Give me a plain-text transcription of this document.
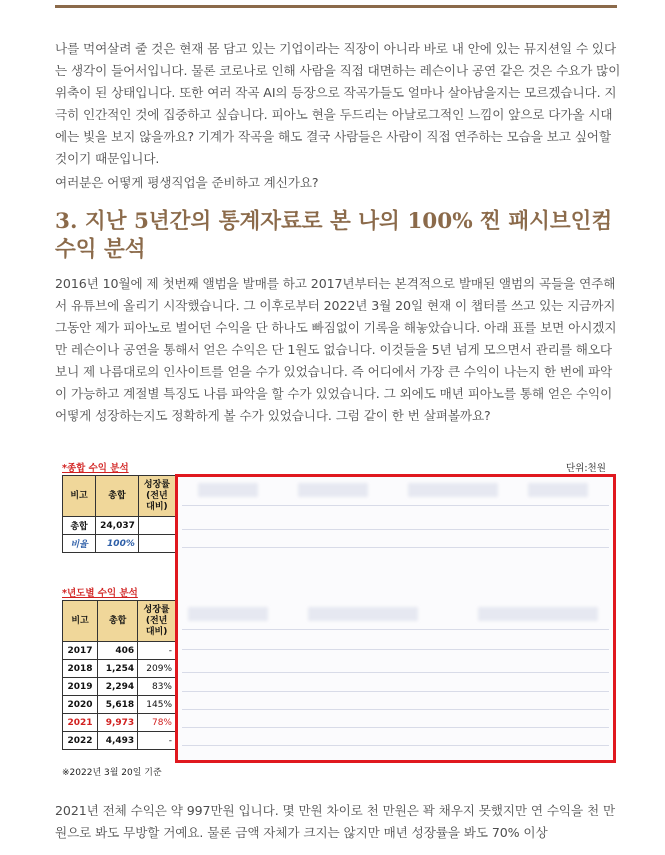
나를 먹여살려 줄 것은 현재 몸 담고 있는 기업이라는 직장이 아니라 바로 내 안에 있는 뮤지션일 수 있다는 생각이 들어서입니다. 물론 코로나로 인해 사람을 직접 대면하는 레슨이나 공연 같은 것은 수요가 많이 위축이 된 상태입니다. 또한 여러 작곡 AI의 등장으로 작곡가들도 얼마나 살아남을지는 모르겠습니다. 지극히 인간적인 것에 집중하고 싶습니다. 피아노 현을 두드리는 아날로그적인 느낌이 앞으로 다가올 시대에는 빛을 보지 않을까요? 기계가 작곡을 해도 결국 사람들은 사람이 직접 연주하는 모습을 보고 싶어할 것이기 때문입니다.

여러분은 어떻게 평생직업을 준비하고 계신가요?

3. 지난 5년간의 통계자료로 본 나의 100% 찐 패시브인컴 수익 분석

2016년 10월에 제 첫번째 앨범을 발매를 하고 2017년부터는 본격적으로 발매된 앨범의 곡들을 연주해서 유튜브에 올리기 시작했습니다. 그 이후로부터 2022년 3월 20일 현재 이 챕터를 쓰고 있는 지금까지 그동안 제가 피아노로 벌어던 수익을 단 하나도 빠짐없이 기록을 해놓았습니다. 아래 표를 보면 아시겠지만 레슨이나 공연을 통해서 얻은 수익은 단 1원도 없습니다. 이것들을 5년 넘게 모으면서 관리를 해오다 보니 제 나름대로의 인사이트를 얻을 수가 있었습니다. 즉 어디에서 가장 큰 수익이 나는지 한 번에 파악이 가능하고 계절별 특징도 나름 파악을 할 수가 있었습니다. 그 외에도 매년 피아노를 통해 얻은 수익이 어떻게 성장하는지도 정확하게 볼 수가 있었습니다. 그럼 같이 한 번 살펴볼까요?

*종합 수익 분석	단위:천원
비고	총합	성장률 (전년 대비)
총합	24,037	
비율	100%	
*년도별 수익 분석
비고	총합	성장률 (전년 대비)
2017	406	-
2018	1,254	209%
2019	2,294	83%
2020	5,618	145%
2021	9,973	78%
2022	4,493	-
※2022년 3월 20일 기준

2021년 전체 수익은 약 997만원 입니다. 몇 만원 차이로 천 만원은 꽉 채우지 못했지만 연 수익을 천 만원으로 봐도 무방할 거예요. 물론 금액 자체가 크지는 않지만 매년 성장률을 봐도 70% 이상
